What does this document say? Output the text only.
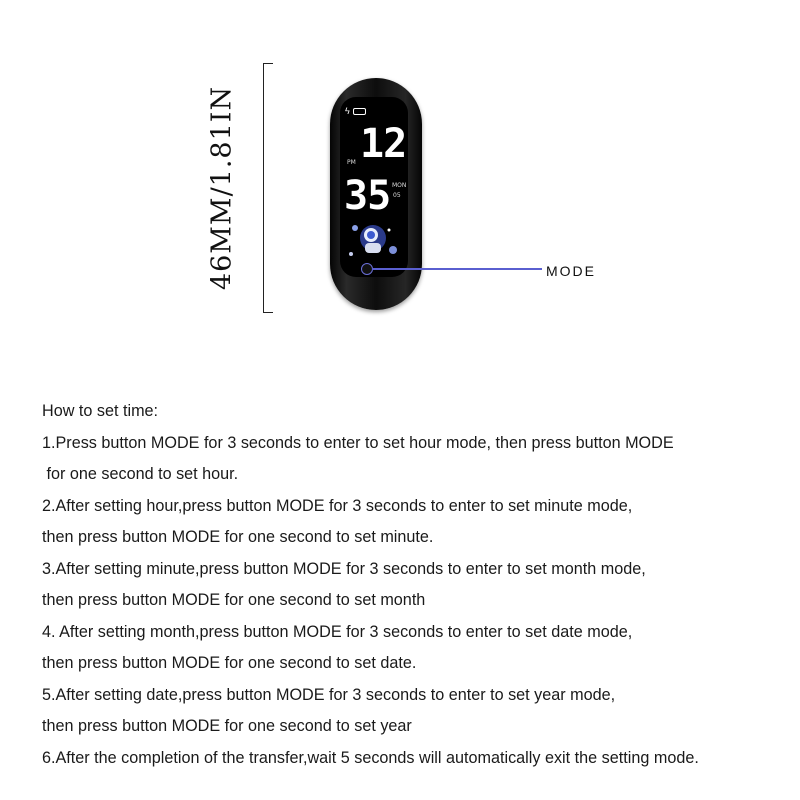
46MM/1.81IN	ϟ
12
PM
35 MON
05
MODE
How to set time:
1.Press button MODE for 3 seconds to enter to set hour mode, then press button MODE
for one second to set hour.
2.After setting hour,press button MODE for 3 seconds to enter to set minute mode,
then press button MODE for one second to set minute.
3.After setting minute,press button MODE for 3 seconds to enter to set month mode,
then press button MODE for one second to set month
4. After setting month,press button MODE for 3 seconds to enter to set date mode,
then press button MODE for one second to set date.
5.After setting date,press button MODE for 3 seconds to enter to set year mode,
then press button MODE for one second to set year
6.After the completion of the transfer,wait 5 seconds will automatically exit the setting mode.
